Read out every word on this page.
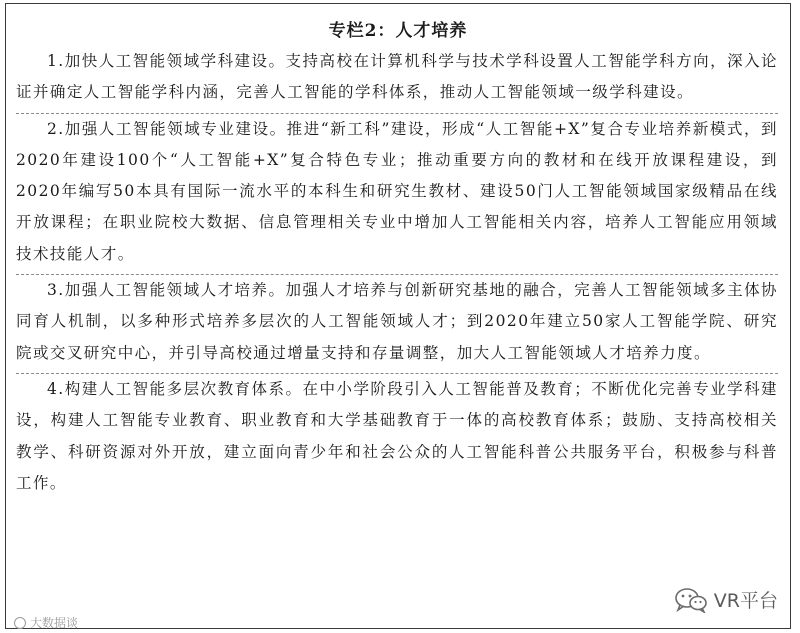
专栏2：人才培养

1.加快人工智能领域学科建设。支持高校在计算机科学与技术学科设置人工智能学科方向，深入论证并确定人工智能学科内涵，完善人工智能的学科体系，推动人工智能领域一级学科建设。

2.加强人工智能领域专业建设。推进“新工科”建设，形成“人工智能+X”复合专业培养新模式，到2020年建设100个“人工智能+X”复合特色专业；推动重要方向的教材和在线开放课程建设，到2020年编写50本具有国际一流水平的本科生和研究生教材、建设50门人工智能领域国家级精品在线开放课程；在职业院校大数据、信息管理相关专业中增加人工智能相关内容，培养人工智能应用领域技术技能人才。

3.加强人工智能领域人才培养。加强人才培养与创新研究基地的融合，完善人工智能领域多主体协同育人机制，以多种形式培养多层次的人工智能领域人才；到2020年建立50家人工智能学院、研究院或交叉研究中心，并引导高校通过增量支持和存量调整，加大人工智能领域人才培养力度。

4.构建人工智能多层次教育体系。在中小学阶段引入人工智能普及教育；不断优化完善专业学科建设，构建人工智能专业教育、职业教育和大学基础教育于一体的高校教育体系；鼓励、支持高校相关教学、科研资源对外开放，建立面向青少年和社会公众的人工智能科普公共服务平台，积极参与科普工作。

VR平台
大数据谈
